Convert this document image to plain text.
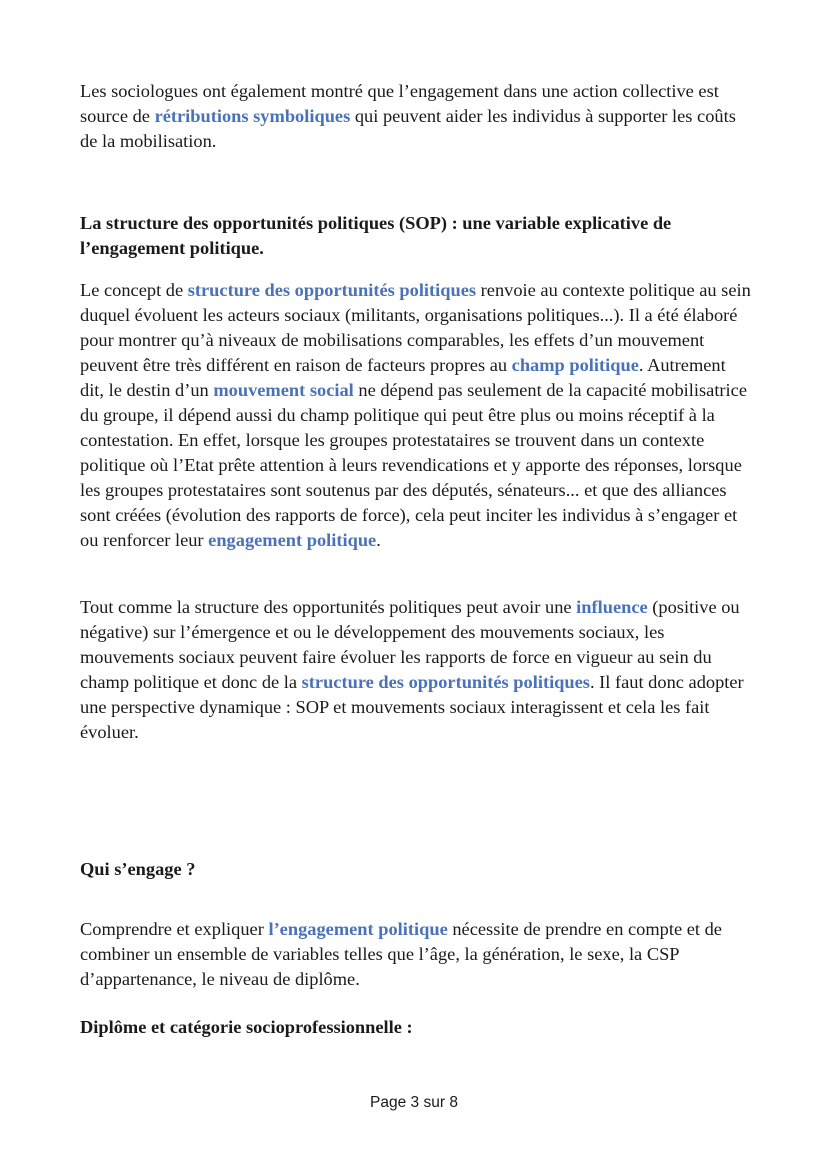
Les sociologues ont également montré que l’engagement dans une action collective est source de rétributions symboliques qui peuvent aider les individus à supporter les coûts de la mobilisation.

La structure des opportunités politiques (SOP) : une variable explicative de l’engagement politique.

Le concept de structure des opportunités politiques renvoie au contexte politique au sein duquel évoluent les acteurs sociaux (militants, organisations politiques...). Il a été élaboré pour montrer qu’à niveaux de mobilisations comparables, les effets d’un mouvement peuvent être très différent en raison de facteurs propres au champ politique. Autrement dit, le destin d’un mouvement social ne dépend pas seulement de la capacité mobilisatrice du groupe, il dépend aussi du champ politique qui peut être plus ou moins réceptif à la contestation. En effet, lorsque les groupes protestataires se trouvent dans un contexte politique où l’Etat prête attention à leurs revendications et y apporte des réponses, lorsque les groupes protestataires sont soutenus par des députés, sénateurs... et que des alliances sont créées (évolution des rapports de force), cela peut inciter les individus à s’engager et ou renforcer leur engagement politique.

Tout comme la structure des opportunités politiques peut avoir une influence (positive ou négative) sur l’émergence et ou le développement des mouvements sociaux, les mouvements sociaux peuvent faire évoluer les rapports de force en vigueur au sein du champ politique et donc de la structure des opportunités politiques. Il faut donc adopter une perspective dynamique : SOP et mouvements sociaux interagissent et cela les fait évoluer.

Qui s’engage ?

Comprendre et expliquer l’engagement politique nécessite de prendre en compte et de combiner un ensemble de variables telles que l’âge, la génération, le sexe, la CSP d’appartenance, le niveau de diplôme.

Diplôme et catégorie socioprofessionnelle :

Page 3 sur 8
